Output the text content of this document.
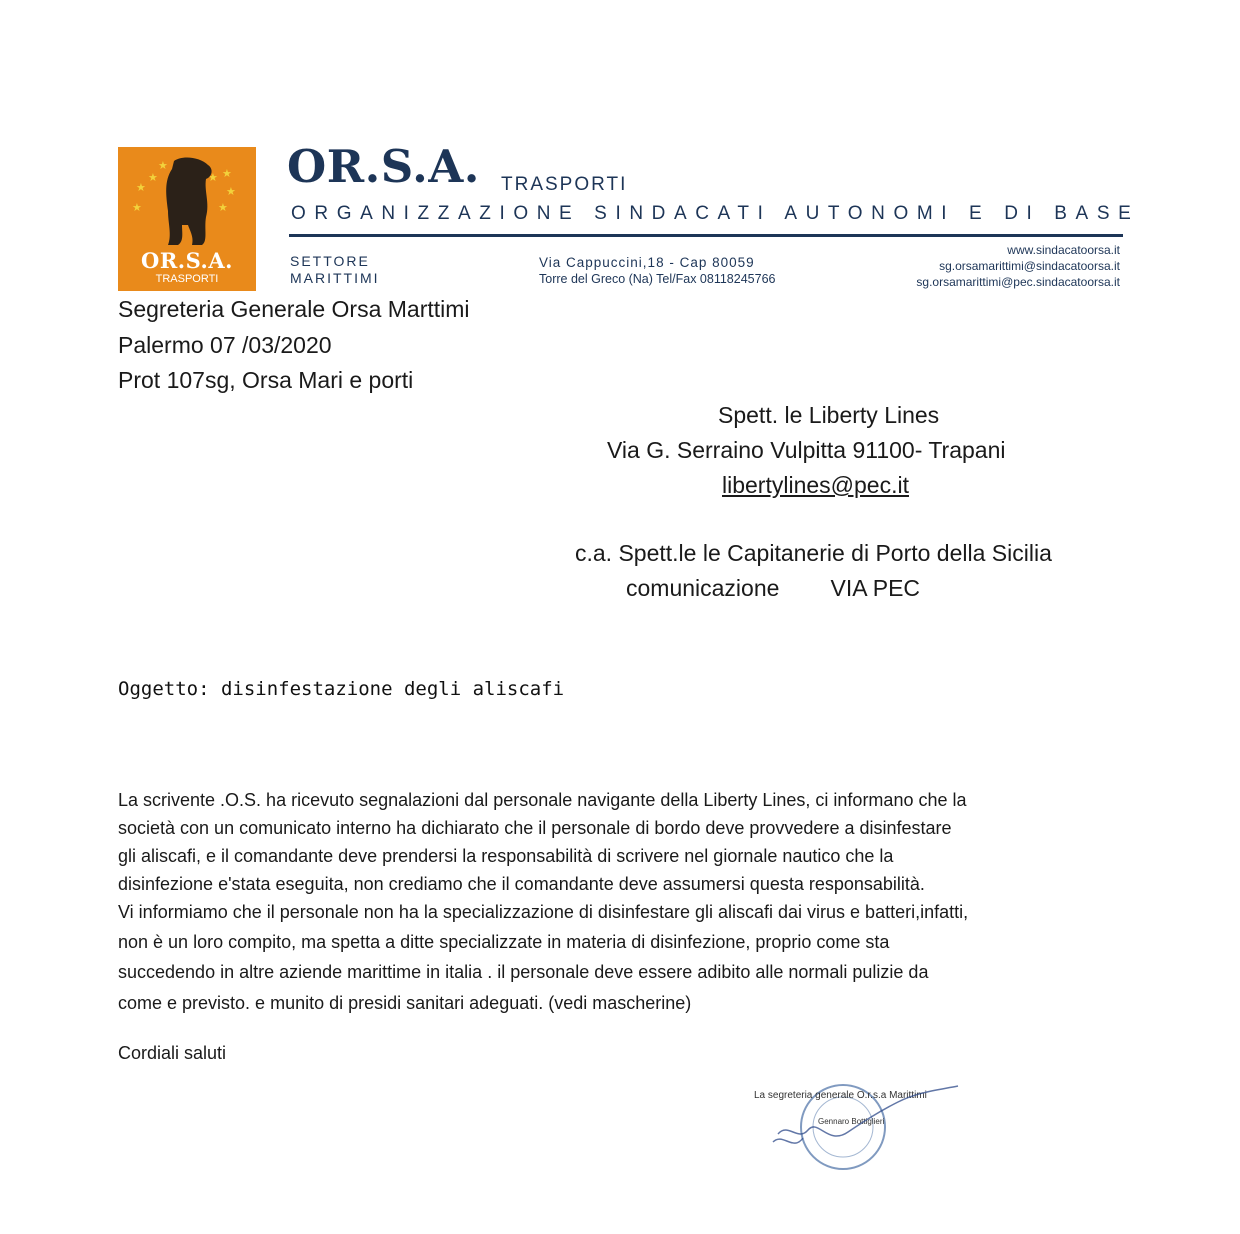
★
★
★
★ ★
★
★
★
OR.S.A.
TRASPORTI
OR.S.A. TRASPORTI
ORGANIZZAZIONE SINDACATI AUTONOMI E DI BASE
SETTORE
MARITTIMI
Via Cappuccini,18 - Cap 80059
Torre del Greco (Na) Tel/Fax 08118245766
www.sindacatoorsa.it
sg.orsamarittimi@sindacatoorsa.it
sg.orsamarittimi@pec.sindacatoorsa.it
Segreteria Generale Orsa Marttimi
Palermo 07 /03/2020
Prot 107sg, Orsa Mari e porti
Spett. le Liberty Lines
Via G. Serraino Vulpitta 91100- Trapani
libertylines@pec.it
c.a. Spett.le le Capitanerie di Porto della Sicilia
comunicazione        VIA PEC
Oggetto: disinfestazione degli aliscafi
La scrivente .O.S. ha ricevuto segnalazioni dal personale navigante della Liberty Lines, ci informano che la
società con un comunicato interno ha dichiarato che il personale di bordo deve provvedere a disinfestare
gli aliscafi, e il comandante deve prendersi la responsabilità di scrivere nel giornale nautico che la
disinfezione e'stata eseguita, non crediamo che il comandante deve assumersi questa responsabilità.
Vi informiamo che il personale non ha la specializzazione di disinfestare gli aliscafi dai virus e batteri,infatti,
non è un loro compito, ma spetta a ditte specializzate in materia di disinfezione, proprio come sta
succedendo in altre aziende marittime in italia . il personale deve essere adibito alle normali pulizie da
come e previsto. e munito di presidi sanitari adeguati. (vedi mascherine)
Cordiali saluti
La segreteria generale O.r.s.a Marittimi
Gennaro Bottiglieri
